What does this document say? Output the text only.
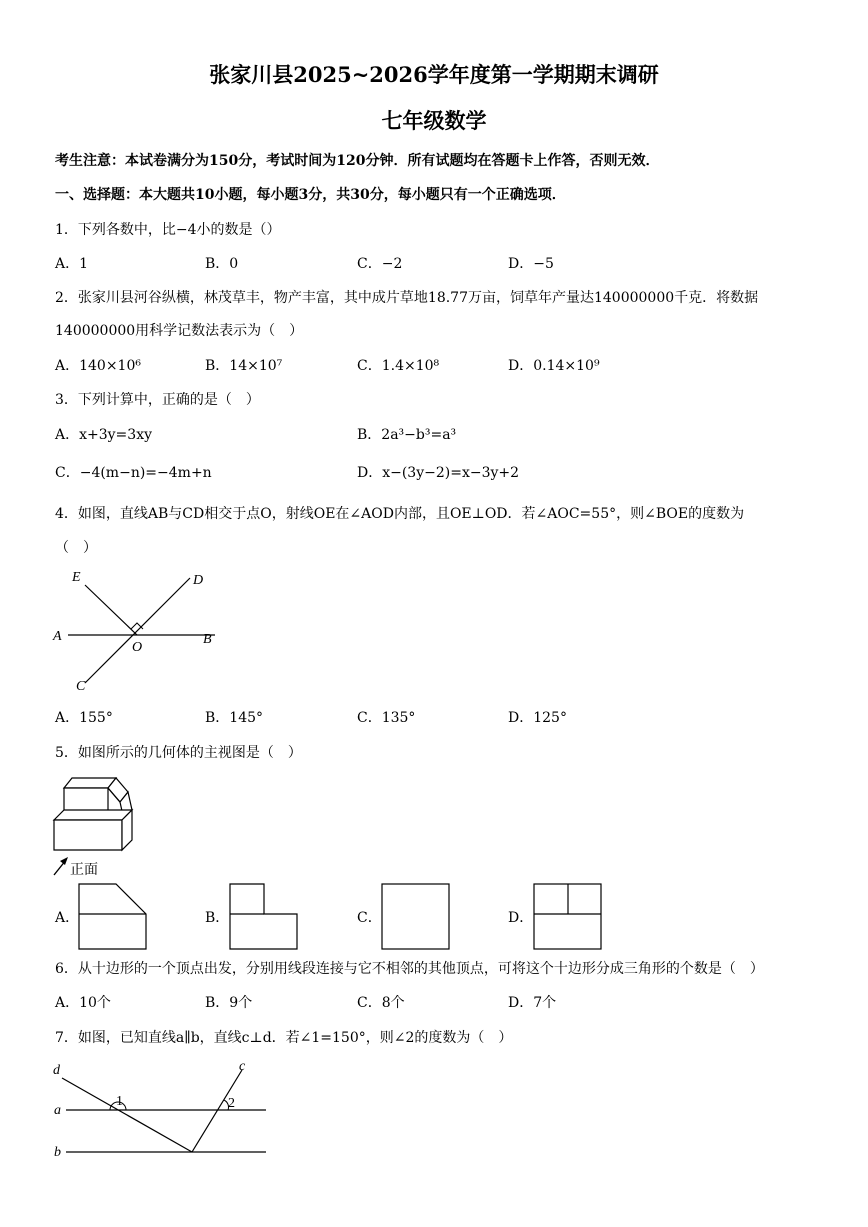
张家川县2025~2026学年度第一学期期末调研
七年级数学
考生注意：本试卷满分为150分，考试时间为120分钟．所有试题均在答题卡上作答，否则无效．
一、选择题：本大题共10小题，每小题3分，共30分，每小题只有一个正确选项．
1．下列各数中，比−4小的数是（）
A．1	B．0	C．−2	D．−5
2．张家川县河谷纵横，林茂草丰，物产丰富，其中成片草地18.77万亩，饲草年产量达140000000千克．将数据
140000000用科学记数法表示为（　）
A．140×10⁶	B．14×10⁷	C．1.4×10⁸	D．0.14×10⁹
3．下列计算中，正确的是（　）
A．x+3y=3xy	B．2a³−b³=a³
C．−4(m−n)=−4m+n	D．x−(3y−2)=x−3y+2
4．如图，直线AB与CD相交于点O，射线OE在∠AOD内部，且OE⊥OD．若∠AOC=55°，则∠BOE的度数为
（　）
E	D
A
O
B
C
A．155°	B．145°	C．135°	D．125°
5．如图所示的几何体的主视图是（　）
正面
A．	B．	C．	D．
6．从十边形的一个顶点出发，分别用线段连接与它不相邻的其他顶点，可将这个十边形分成三角形的个数是（　）
A．10个	B．9个	C．8个	D．7个
7．如图，已知直线a∥b，直线c⊥d．若∠1=150°，则∠2的度数为（　）
d	c
a
1	2
b
